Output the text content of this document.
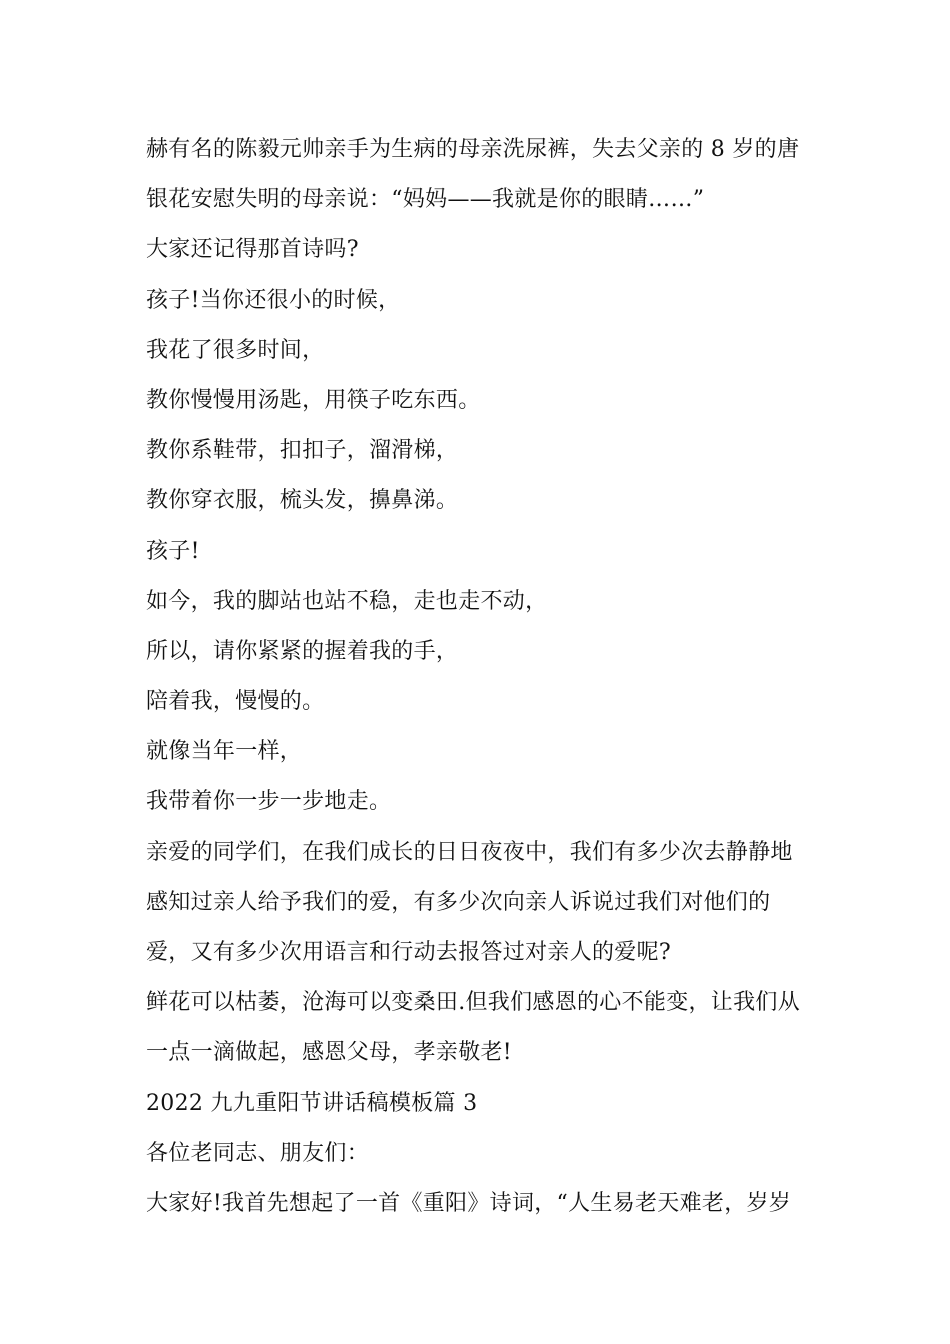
赫有名的陈毅元帅亲手为生病的母亲洗尿裤，失去父亲的 8 岁的唐
银花安慰失明的母亲说：“妈妈——我就是你的眼睛……”
大家还记得那首诗吗?
孩子!当你还很小的时候，
我花了很多时间，
教你慢慢用汤匙，用筷子吃东西。
教你系鞋带，扣扣子，溜滑梯，
教你穿衣服，梳头发，擤鼻涕。
孩子!
如今，我的脚站也站不稳，走也走不动，
所以，请你紧紧的握着我的手，
陪着我，慢慢的。
就像当年一样，
我带着你一步一步地走。
亲爱的同学们，在我们成长的日日夜夜中，我们有多少次去静静地
感知过亲人给予我们的爱，有多少次向亲人诉说过我们对他们的
爱，又有多少次用语言和行动去报答过对亲人的爱呢?
鲜花可以枯萎，沧海可以变桑田.但我们感恩的心不能变，让我们从
一点一滴做起，感恩父母，孝亲敬老!
2022 九九重阳节讲话稿模板篇 3
各位老同志、朋友们：
大家好!我首先想起了一首《重阳》诗词，“人生易老天难老，岁岁
